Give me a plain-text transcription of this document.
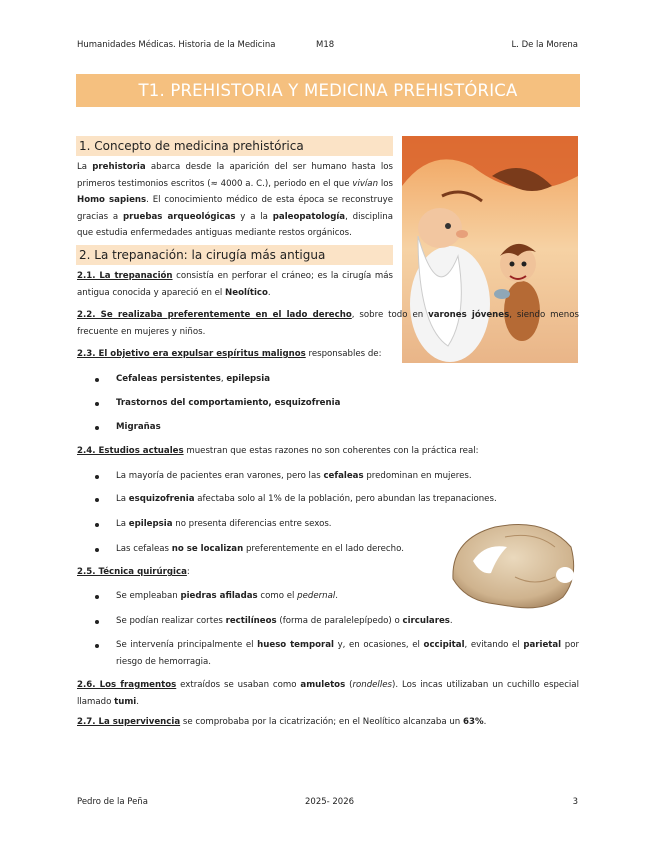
Humanidades Médicas. Historia de la Medicina	M18	L. De la Morena
T1. PREHISTORIA Y MEDICINA PREHISTÓRICA
1. Concepto de medicina prehistórica
La prehistoria abarca desde la aparición del ser humano hasta los primeros testimonios escritos (≈ 4000 a. C.), periodo en el que vivían los Homo sapiens. El conocimiento médico de esta época se reconstruye gracias a pruebas arqueológicas y a la paleopatología, disciplina que estudia enfermedades antiguas mediante restos orgánicos.
2. La trepanación: la cirugía más antigua
2.1. La trepanación consistía en perforar el cráneo; es la cirugía más antigua conocida y apareció en el Neolítico.
2.2. Se realizaba preferentemente en el lado derecho, sobre todo en varones jóvenes, siendo menos frecuente en mujeres y niños.
2.3. El objetivo era expulsar espíritus malignos responsables de:
Cefaleas persistentes, epilepsia
Trastornos del comportamiento, esquizofrenia
Migrañas
2.4. Estudios actuales muestran que estas razones no son coherentes con la práctica real:
La mayoría de pacientes eran varones, pero las cefaleas predominan en mujeres.
La esquizofrenia afectaba solo al 1% de la población, pero abundan las trepanaciones.
La epilepsia no presenta diferencias entre sexos.
Las cefaleas no se localizan preferentemente en el lado derecho.
2.5. Técnica quirúrgica:
Se empleaban piedras afiladas como el pedernal.
Se podían realizar cortes rectilíneos (forma de paralelepípedo) o circulares.
Se intervenía principalmente el hueso temporal y, en ocasiones, el occipital, evitando el parietal por riesgo de hemorragia.
2.6. Los fragmentos extraídos se usaban como amuletos (rondelles). Los incas utilizaban un cuchillo especial llamado tumi.
2.7. La supervivencia se comprobaba por la cicatrización; en el Neolítico alcanzaba un 63%.
Pedro de la Peña	2025- 2026	3
